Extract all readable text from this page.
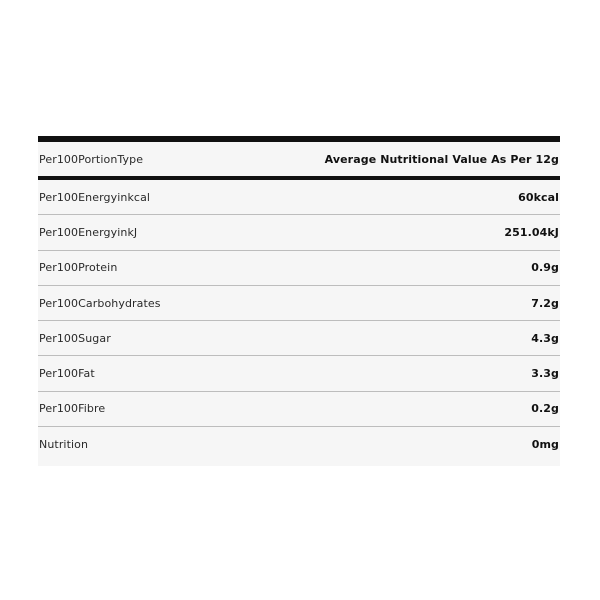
Per100PortionType	Average Nutritional Value As Per 12g
Per100Energyinkcal	60kcal
Per100EnergyinkJ	251.04kJ
Per100Protein	0.9g
Per100Carbohydrates	7.2g
Per100Sugar	4.3g
Per100Fat	3.3g
Per100Fibre	0.2g
Nutrition	0mg
